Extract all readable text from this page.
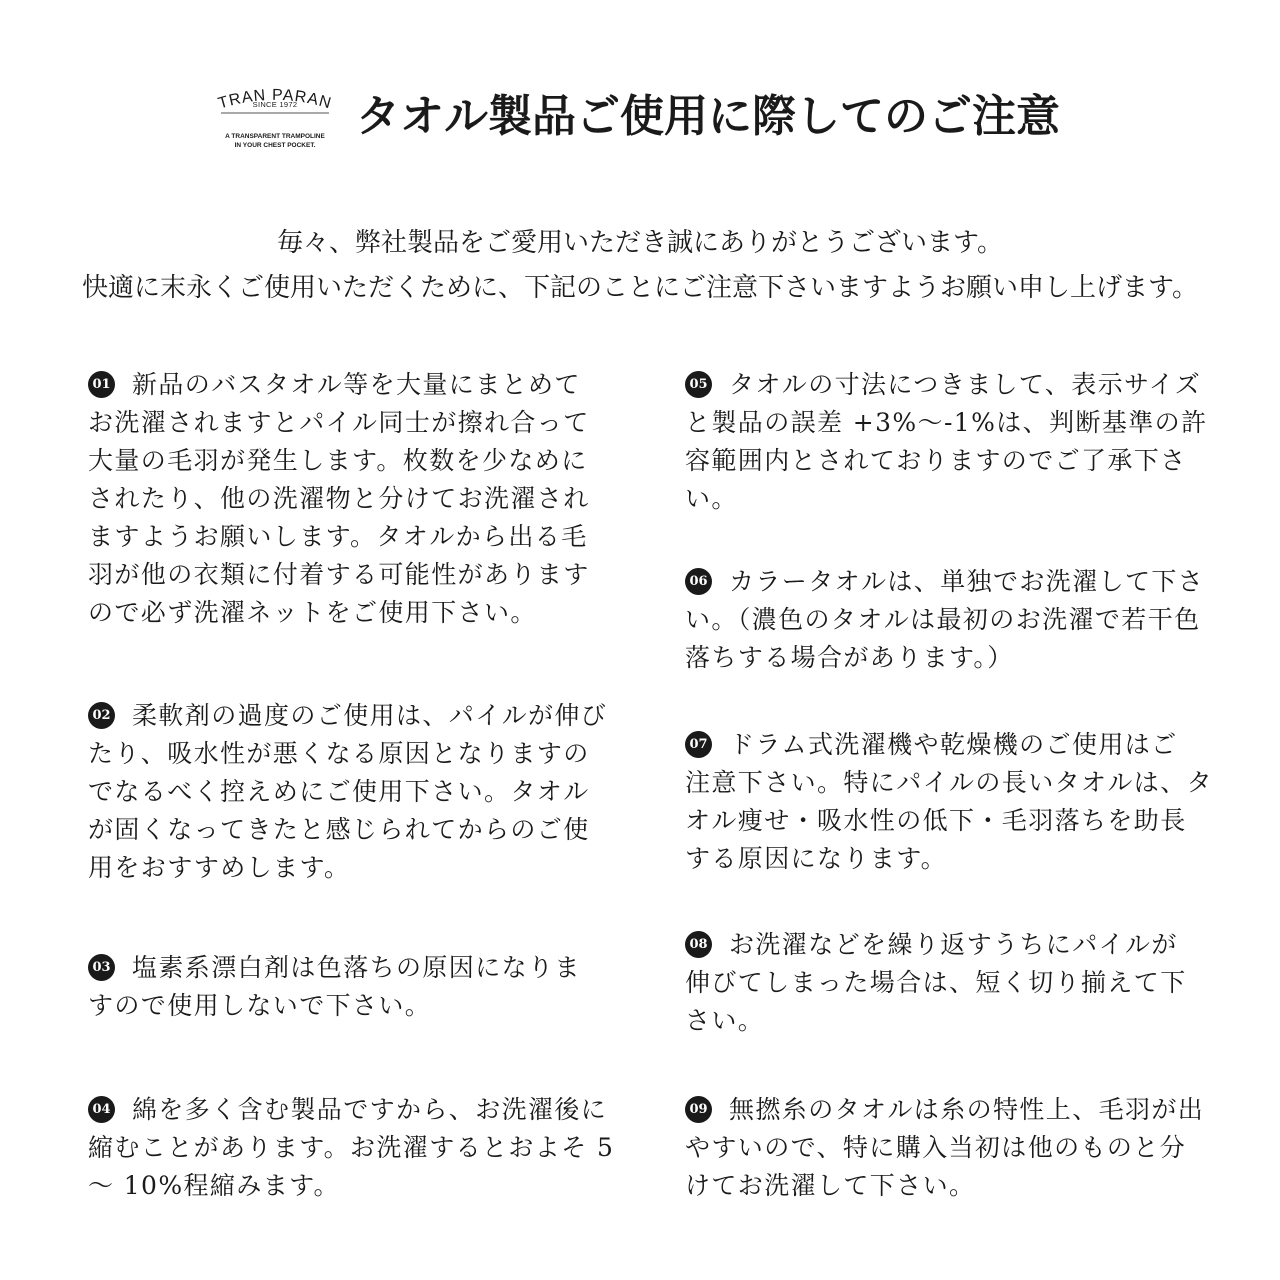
TRAN PARAN
SINCE 1972
A TRANSPARENT TRAMPOLINE
IN YOUR CHEST POCKET.
タオル製品ご使用に際してのご注意

毎々、弊社製品をご愛用いただき誠にありがとうございます。

快適に末永くご使用いただくために、下記のことにご注意下さいますようお願い申し上げます。

01 新品のバスタオル等を大量にまとめて
お洗濯されますとパイル同士が擦れ合って
大量の毛羽が発生します。枚数を少なめに
されたり、他の洗濯物と分けてお洗濯され
ますようお願いします。タオルから出る毛
羽が他の衣類に付着する可能性があります
ので必ず洗濯ネットをご使用下さい。
02 柔軟剤の過度のご使用は、パイルが伸び
たり、吸水性が悪くなる原因となりますの
でなるべく控えめにご使用下さい。タオル
が固くなってきたと感じられてからのご使
用をおすすめします。
03 塩素系漂白剤は色落ちの原因になりま
すので使用しないで下さい。
04 綿を多く含む製品ですから、お洗濯後に
縮むことがあります。お洗濯するとおよそ 5
～ 10%程縮みます。
05 タオルの寸法につきまして、表示サイズ
と製品の誤差 +3%～-1%は、判断基準の許
容範囲内とされておりますのでご了承下さ
い。
06 カラータオルは、単独でお洗濯して下さ
い。（濃色のタオルは最初のお洗濯で若干色
落ちする場合があります。）
07 ドラム式洗濯機や乾燥機のご使用はご
注意下さい。特にパイルの長いタオルは、タ
オル痩せ・吸水性の低下・毛羽落ちを助長
する原因になります。
08 お洗濯などを繰り返すうちにパイルが
伸びてしまった場合は、短く切り揃えて下
さい。
09 無撚糸のタオルは糸の特性上、毛羽が出
やすいので、特に購入当初は他のものと分
けてお洗濯して下さい。
